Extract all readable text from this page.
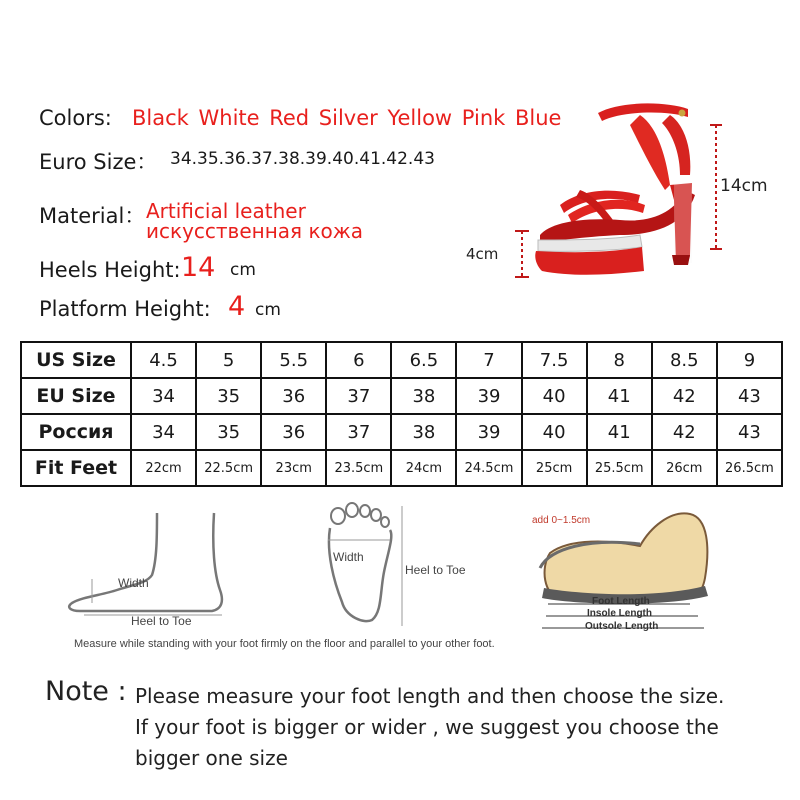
Colors: Black White Red Silver Yellow Pink Blue
Euro Size： 34.35.36.37.38.39.40.41.42.43
Material： Artificial leather
искусственная кожа
Heels Height: 14 cm
Platform Height: 4 cm
14cm
4cm
US Size	4.5	5	5.5	6	6.5	7	7.5	8	8.5	9
EU Size	34	35	36	37	38	39	40	41	42	43
Россия	34	35	36	37	38	39	40	41	42	43
Fit Feet	22cm	22.5cm	23cm	23.5cm	24cm	24.5cm	25cm	25.5cm	26cm	26.5cm
Width
Heel to Toe
Width
Heel to Toe
add 0~1.5cm
Foot Length
Insole Length
Outsole Length
Measure while standing with your foot firmly on the floor and parallel to your other foot.
Note : Please measure your foot length and then choose the size.
If your foot is bigger or wider , we suggest you choose the
bigger one size
